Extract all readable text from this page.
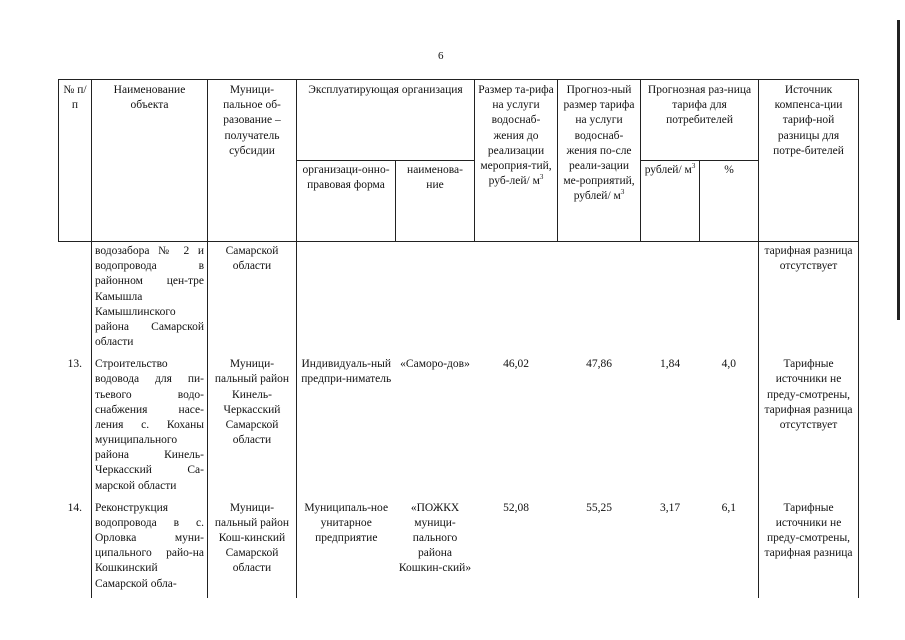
6
№ п/п	Наименование объекта	Муници-пальное об-разование – получатель субсидии	Эксплуатирующая организация		Размер та-рифа на услуги водоснаб-жения до реализации мероприя-тий, руб-лей/ $м^3$	Прогноз-ный размер тарифа на услуги водоснаб-жения по-сле реали-зации ме-роприятий, рублей/ $м^3$	Прогнозная раз-ница тарифа для потребителей		Источник компенса-ции тариф-ной разницы для потре-бителей
			организаци-онно-правовая форма	наименова-ние			рублей/ $м^3$	%	
	водозабора № 2 и водопровода в районном цен-тре Камышла Камышлинского района Самарской области	Самарской области							тарифная разница отсутствует
13.	Строительство водовода для пи-тьевого водо-снабжения насе-ления с. Коханы муниципального района Кинель-Черкасский Са-марской области	Муници-пальный район Кинель-Черкасский Самарской области	Индивидуаль-ный предпри-ниматель	«Саморо-дов»	46,02	47,86	1,84	4,0	Тарифные источники не преду-смотрены, тарифная разница отсутствует
14.	Реконструкция водопровода в с. Орловка муни-ципального райо-на Кошкинский Самарской обла-	Муници-пальный район Кош-кинский Самарской области	Муниципаль-ное унитарное предприятие	«ПОЖКХ муници-пального района Кошкин-ский»	52,08	55,25	3,17	6,1	Тарифные источники не преду-смотрены, тарифная разница
